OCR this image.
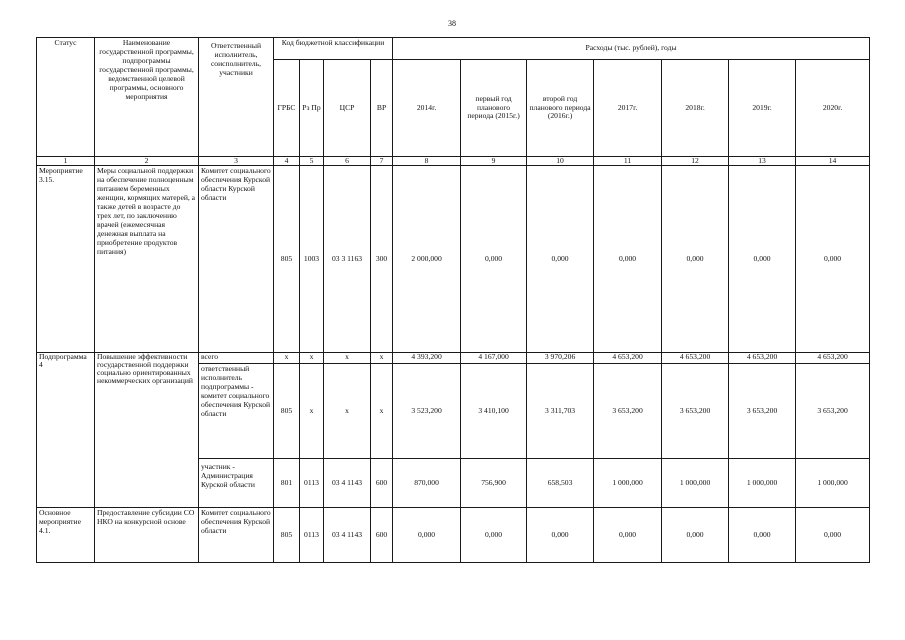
38
Статус	Наименование государственной программы, подпрограммы государственной программы, ведомственной целевой программы, основного мероприятия	Ответственный исполнитель, соисполнитель, участники	Код бюджетной классификации				Расходы (тыс. рублей), годы						
			ГРБС	Рз Пр	ЦСР	ВР	2014г.	первый год планового периода (2015г.)	второй год планового периода (2016г.)	2017г.	2018г.	2019г.	2020г.
1	2	3	4	5	6	7	8	9	10	11	12	13	14
Мероприятие 3.15.	Меры социальной поддержки на обеспечение полноценным питанием беременных женщин, кормящих матерей, а также детей в возрасте до трех лет, по заключению врачей (ежемесячная денежная выплата на приобретение продуктов питания)	Комитет социального обеспечения Курской области Курской области	805	1003	03 3 1163	300	2 000,000	0,000	0,000	0,000	0,000	0,000	0,000
Подпрограмма 4	Повышение эффективности государственной поддержки социально ориентированных некоммерческих организаций	всего	х	х	х	х	4 393,200	4 167,000	3 970,206	4 653,200	4 653,200	4 653,200	4 653,200
		ответственный исполнитель подпрограммы - комитет социального обеспечения Курской области	805	х	х	х	3 523,200	3 410,100	3 311,703	3 653,200	3 653,200	3 653,200	3 653,200
		участник - Администрация Курской области	801	0113	03 4 1143	600	870,000	756,900	658,503	1 000,000	1 000,000	1 000,000	1 000,000
Основное мероприятие 4.1.	Предоставление субсидии СО НКО на конкурсной основе	Комитет социального обеспечения Курской области	805	0113	03 4 1143	600	0,000	0,000	0,000	0,000	0,000	0,000	0,000
